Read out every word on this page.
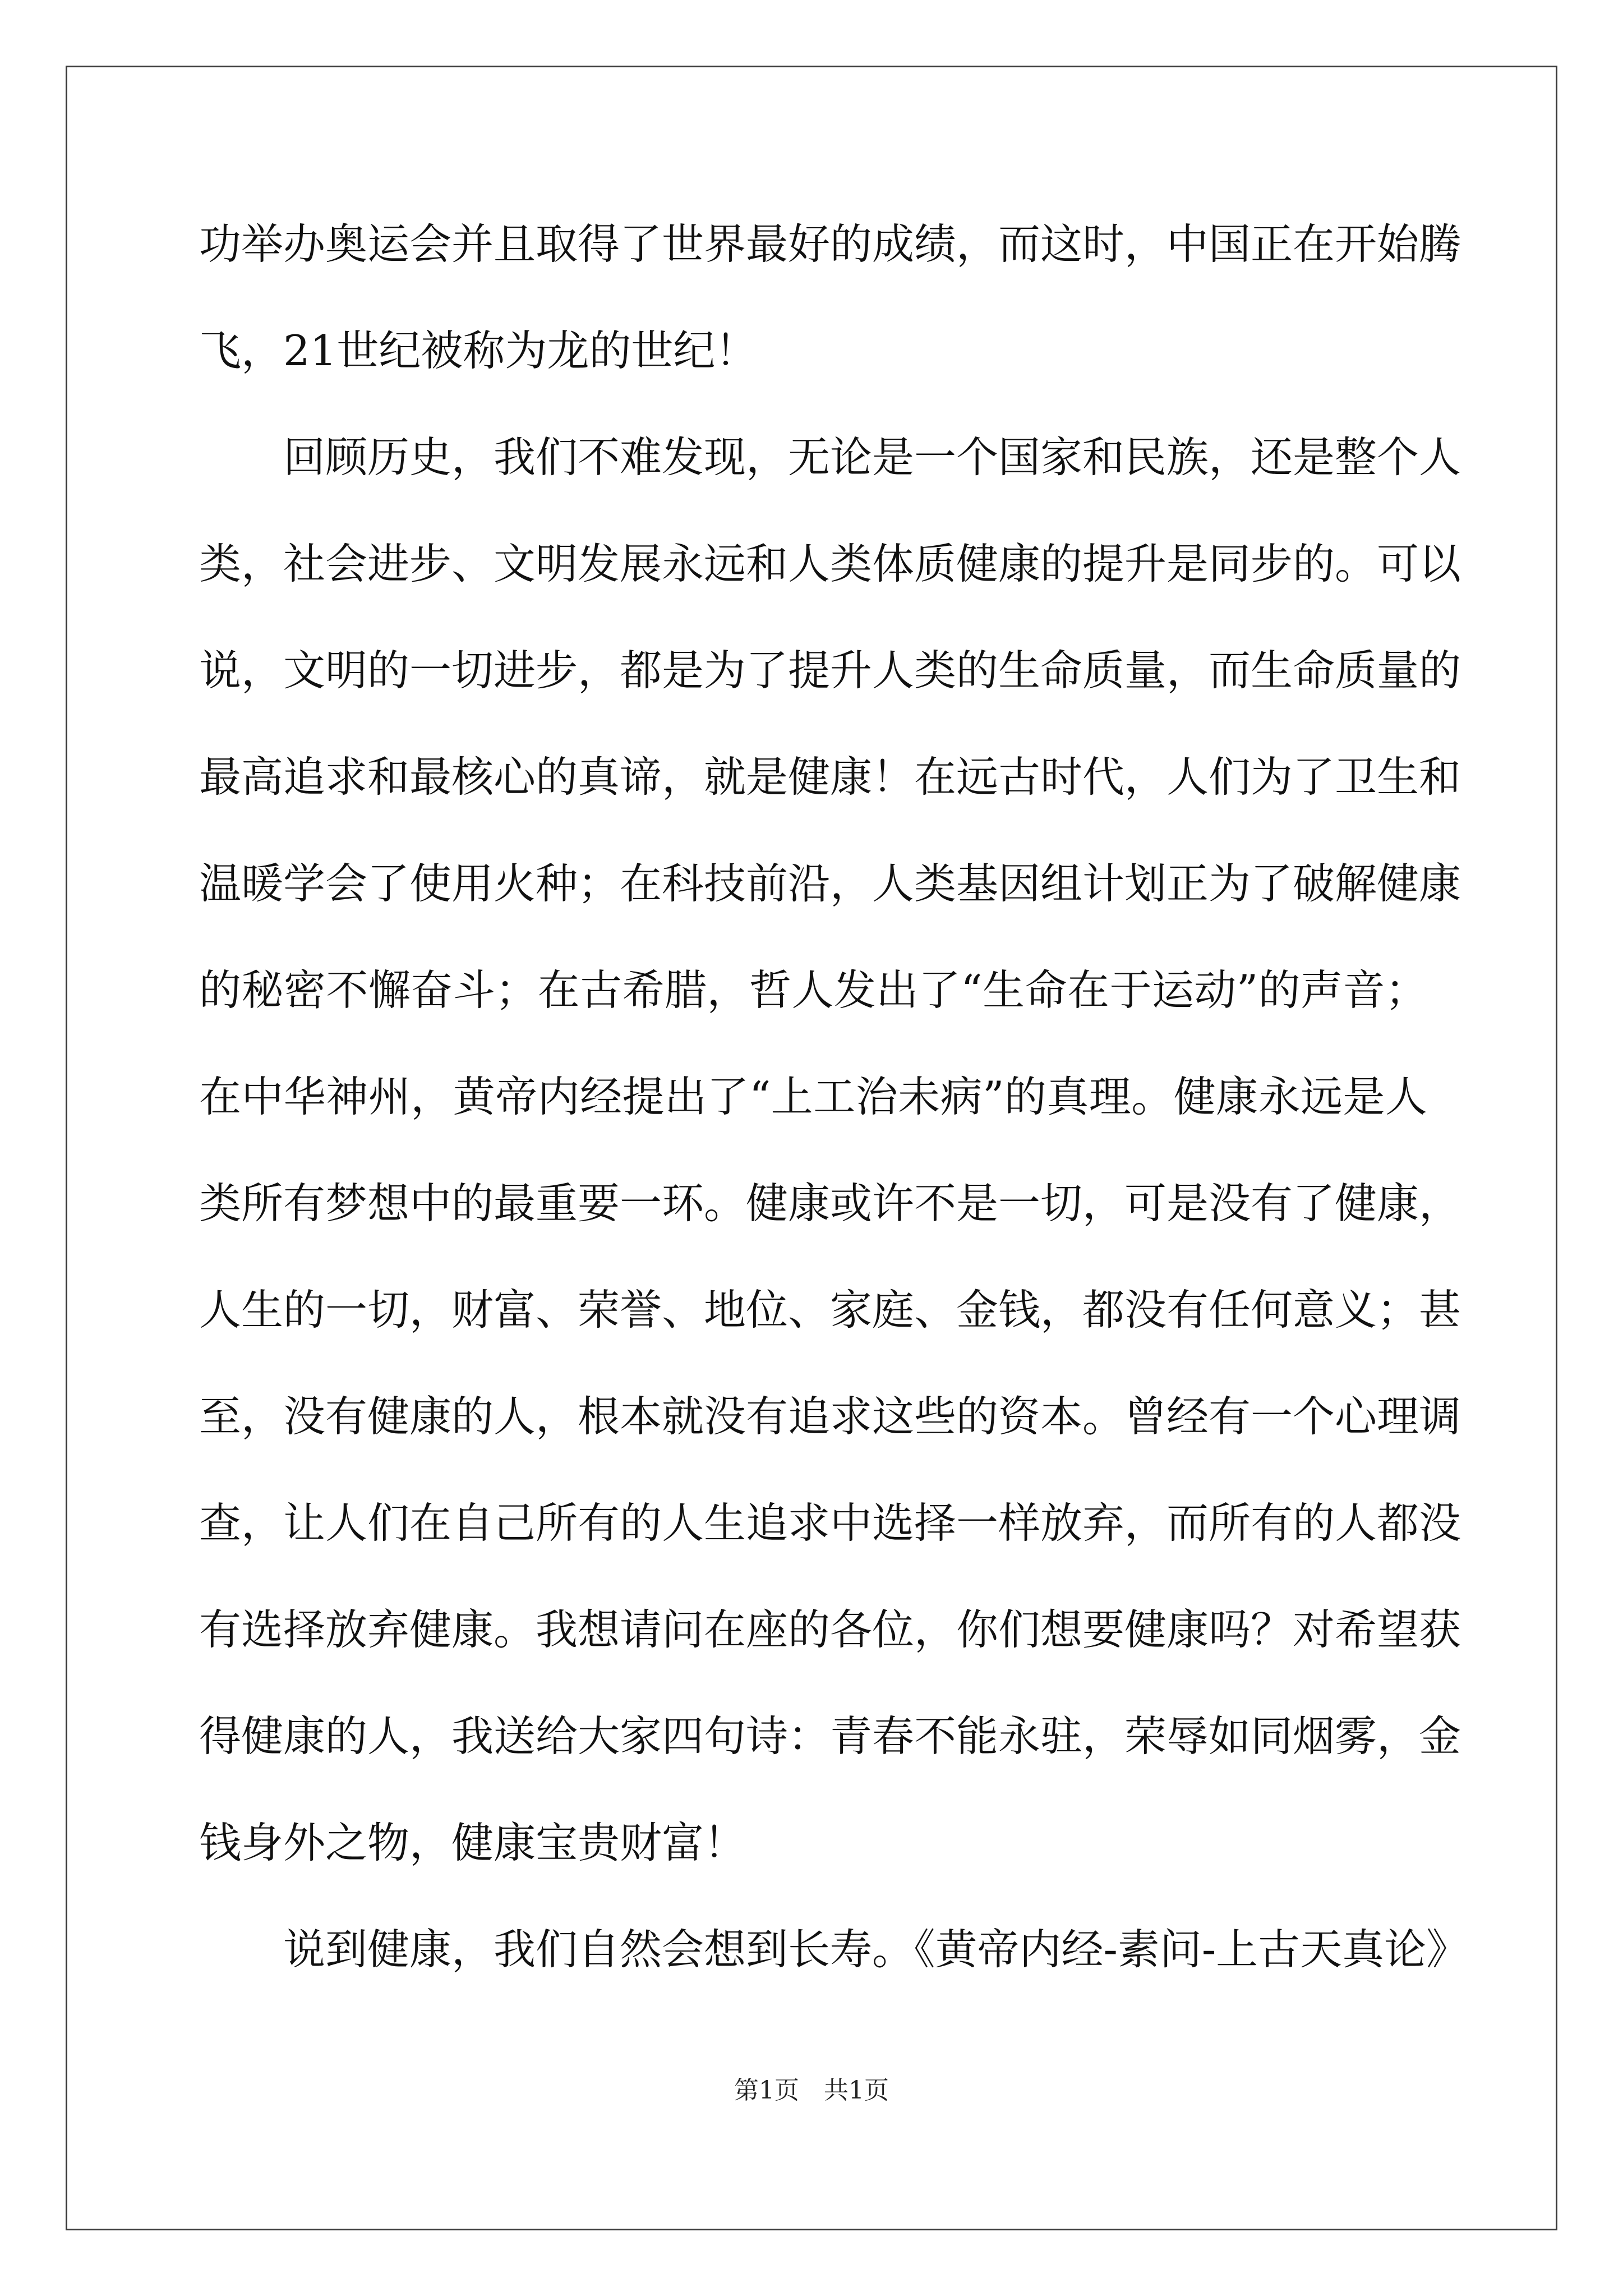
功举办奥运会并且取得了世界最好的成绩，而这时，中国正在开始腾
飞，21世纪被称为龙的世纪！
回顾历史，我们不难发现，无论是一个国家和民族，还是整个人
类，社会进步、文明发展永远和人类体质健康的提升是同步的。可以
说，文明的一切进步，都是为了提升人类的生命质量，而生命质量的
最高追求和最核心的真谛，就是健康！在远古时代，人们为了卫生和
温暖学会了使用火种；在科技前沿，人类基因组计划正为了破解健康
的秘密不懈奋斗；在古希腊，哲人发出了“生命在于运动”的声音；
在中华神州，黄帝内经提出了“上工治未病”的真理。健康永远是人
类所有梦想中的最重要一环。健康或许不是一切，可是没有了健康，
人生的一切，财富、荣誉、地位、家庭、金钱，都没有任何意义；甚
至，没有健康的人，根本就没有追求这些的资本。曾经有一个心理调
查，让人们在自己所有的人生追求中选择一样放弃，而所有的人都没
有选择放弃健康。我想请问在座的各位，你们想要健康吗？对希望获
得健康的人，我送给大家四句诗：青春不能永驻，荣辱如同烟雾，金
钱身外之物，健康宝贵财富！
说到健康，我们自然会想到长寿。《黄帝内经-素问-上古天真论》
第1页　共1页
